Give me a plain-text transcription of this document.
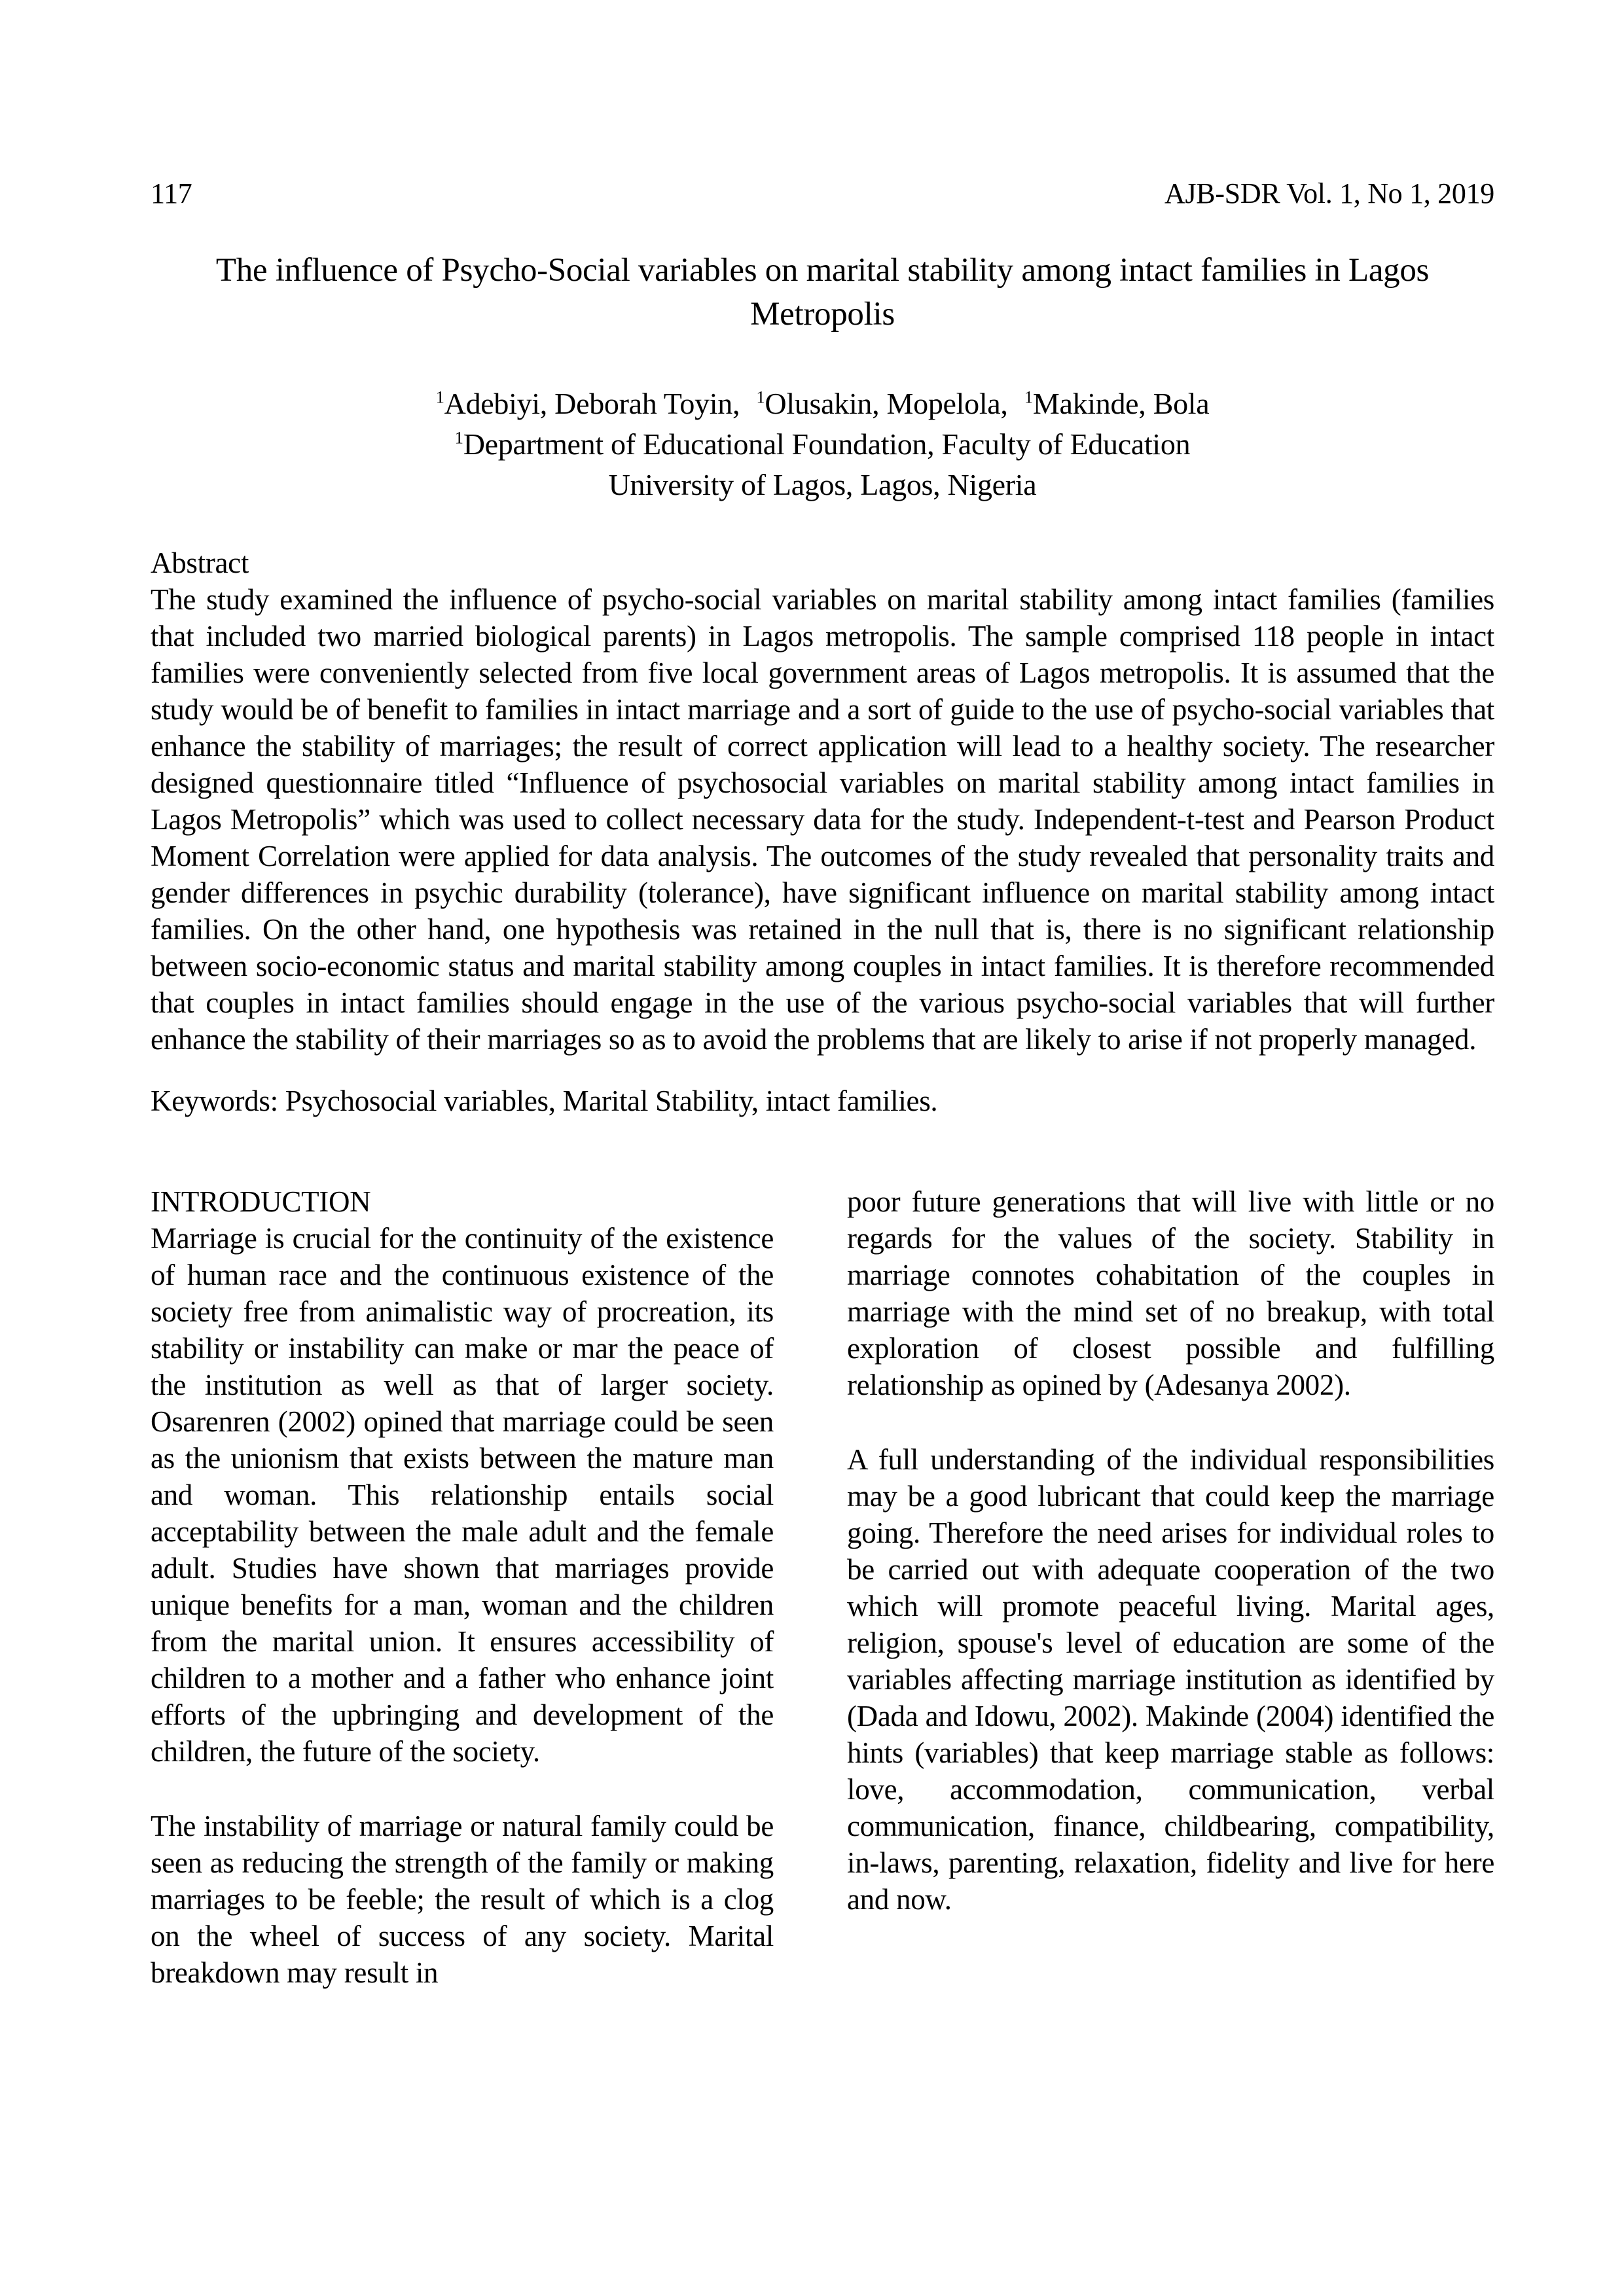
117	AJB-SDR Vol. 1, No 1, 2019
The influence of Psycho-Social variables on marital stability among intact families in Lagos Metropolis
$^1$Adebiyi, Deborah Toyin, $^1$Olusakin, Mopelola, $^1$Makinde, Bola
$^1$Department of Educational Foundation, Faculty of Education
University of Lagos, Lagos, Nigeria
Abstract

The study examined the influence of psycho-social variables on marital stability among intact families (families that included two married biological parents) in Lagos metropolis. The sample comprised 118 people in intact families were conveniently selected from five local government areas of Lagos metropolis. It is assumed that the study would be of benefit to families in intact marriage and a sort of guide to the use of psycho-social variables that enhance the stability of marriages; the result of correct application will lead to a healthy society. The researcher designed questionnaire titled “Influence of psychosocial variables on marital stability among intact families in Lagos Metropolis” which was used to collect necessary data for the study. Independent-t-test and Pearson Product Moment Correlation were applied for data analysis. The outcomes of the study revealed that personality traits and gender differences in psychic durability (tolerance), have significant influence on marital stability among intact families. On the other hand, one hypothesis was retained in the null that is, there is no significant relationship between socio-economic status and marital stability among couples in intact families. It is therefore recommended that couples in intact families should engage in the use of the various psycho-social variables that will further enhance the stability of their marriages so as to avoid the problems that are likely to arise if not properly managed.

Keywords: Psychosocial variables, Marital Stability, intact families.

INTRODUCTION

Marriage is crucial for the continuity of the existence of human race and the continuous existence of the society free from animalistic way of procreation, its stability or instability can make or mar the peace of the institution as well as that of larger society. Osarenren (2002) opined that marriage could be seen as the unionism that exists between the mature man and woman. This relationship entails social acceptability between the male adult and the female adult. Studies have shown that marriages provide unique benefits for a man, woman and the children from the marital union. It ensures accessibility of children to a mother and a father who enhance joint efforts of the upbringing and development of the children, the future of the society.

The instability of marriage or natural family could be seen as reducing the strength of the family or making marriages to be feeble; the result of which is a clog on the wheel of success of any society. Marital breakdown may result in

poor future generations that will live with little or no regards for the values of the society. Stability in marriage connotes cohabitation of the couples in marriage with the mind set of no breakup, with total exploration of closest possible and fulfilling relationship as opined by (Adesanya 2002).

A full understanding of the individual responsibilities may be a good lubricant that could keep the marriage going. Therefore the need arises for individual roles to be carried out with adequate cooperation of the two which will promote peaceful living. Marital ages, religion, spouse's level of education are some of the variables affecting marriage institution as identified by (Dada and Idowu, 2002). Makinde (2004) identified the hints (variables) that keep marriage stable as follows: love, accommodation, communication, verbal communication, finance, childbearing, compatibility, in-laws, parenting, relaxation, fidelity and live for here and now.
